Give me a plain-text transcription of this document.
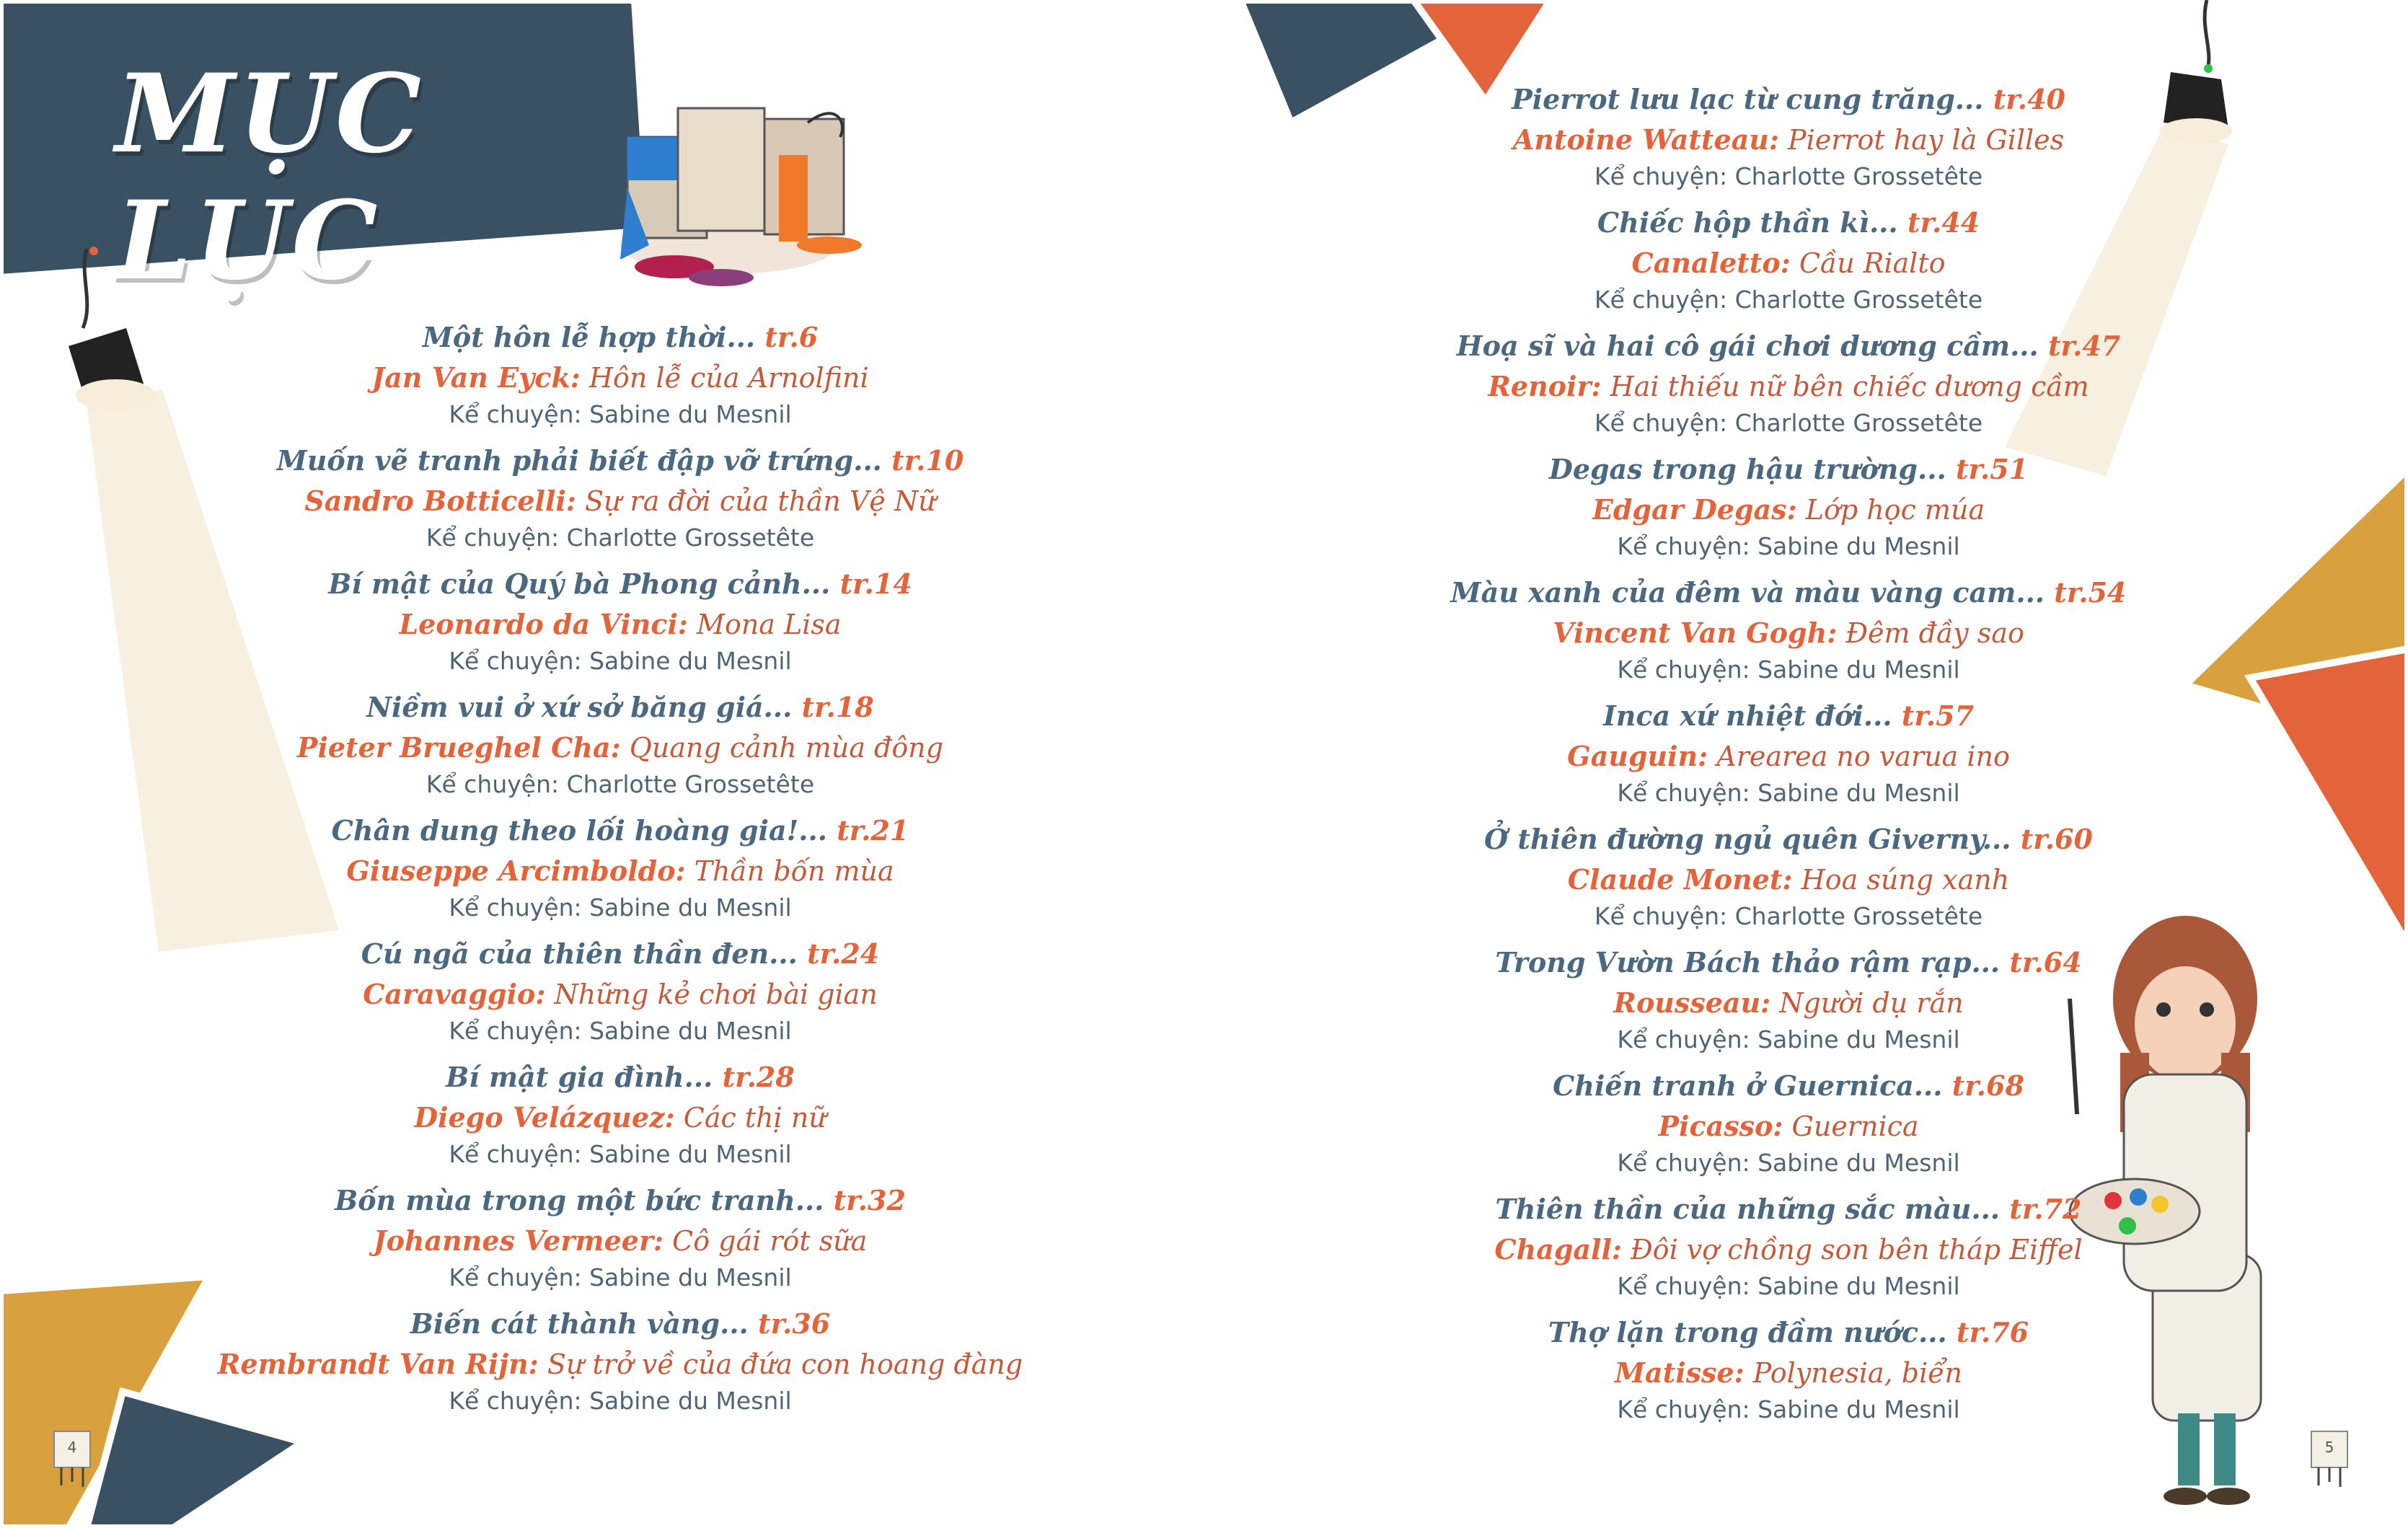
MỤC LỤC
4	5
Một hôn lễ hợp thời... tr.6
Jan Van Eyck: Hôn lễ của Arnolfini
Kể chuyện: Sabine du Mesnil
Muốn vẽ tranh phải biết đập vỡ trứng... tr.10
Sandro Botticelli: Sự ra đời của thần Vệ Nữ
Kể chuyện: Charlotte Grossetête
Bí mật của Quý bà Phong cảnh... tr.14
Leonardo da Vinci: Mona Lisa
Kể chuyện: Sabine du Mesnil
Niềm vui ở xứ sở băng giá... tr.18
Pieter Brueghel Cha: Quang cảnh mùa đông
Kể chuyện: Charlotte Grossetête
Chân dung theo lối hoàng gia!... tr.21
Giuseppe Arcimboldo: Thần bốn mùa
Kể chuyện: Sabine du Mesnil
Cú ngã của thiên thần đen... tr.24
Caravaggio: Những kẻ chơi bài gian
Kể chuyện: Sabine du Mesnil
Bí mật gia đình... tr.28
Diego Velázquez: Các thị nữ
Kể chuyện: Sabine du Mesnil
Bốn mùa trong một bức tranh... tr.32
Johannes Vermeer: Cô gái rót sữa
Kể chuyện: Sabine du Mesnil
Biến cát thành vàng... tr.36
Rembrandt Van Rijn: Sự trở về của đứa con hoang đàng
Kể chuyện: Sabine du Mesnil
Pierrot lưu lạc từ cung trăng... tr.40
Antoine Watteau: Pierrot hay là Gilles
Kể chuyện: Charlotte Grossetête
Chiếc hộp thần kì... tr.44
Canaletto: Cầu Rialto
Kể chuyện: Charlotte Grossetête
Hoạ sĩ và hai cô gái chơi dương cầm... tr.47
Renoir: Hai thiếu nữ bên chiếc dương cầm
Kể chuyện: Charlotte Grossetête
Degas trong hậu trường... tr.51
Edgar Degas: Lớp học múa
Kể chuyện: Sabine du Mesnil
Màu xanh của đêm và màu vàng cam... tr.54
Vincent Van Gogh: Đêm đầy sao
Kể chuyện: Sabine du Mesnil
Inca xứ nhiệt đới... tr.57
Gauguin: Arearea no varua ino
Kể chuyện: Sabine du Mesnil
Ở thiên đường ngủ quên Giverny... tr.60
Claude Monet: Hoa súng xanh
Kể chuyện: Charlotte Grossetête
Trong Vườn Bách thảo rậm rạp... tr.64
Rousseau: Người dụ rắn
Kể chuyện: Sabine du Mesnil
Chiến tranh ở Guernica... tr.68
Picasso: Guernica
Kể chuyện: Sabine du Mesnil
Thiên thần của những sắc màu... tr.72
Chagall: Đôi vợ chồng son bên tháp Eiffel
Kể chuyện: Sabine du Mesnil
Thợ lặn trong đầm nước... tr.76
Matisse: Polynesia, biển
Kể chuyện: Sabine du Mesnil
